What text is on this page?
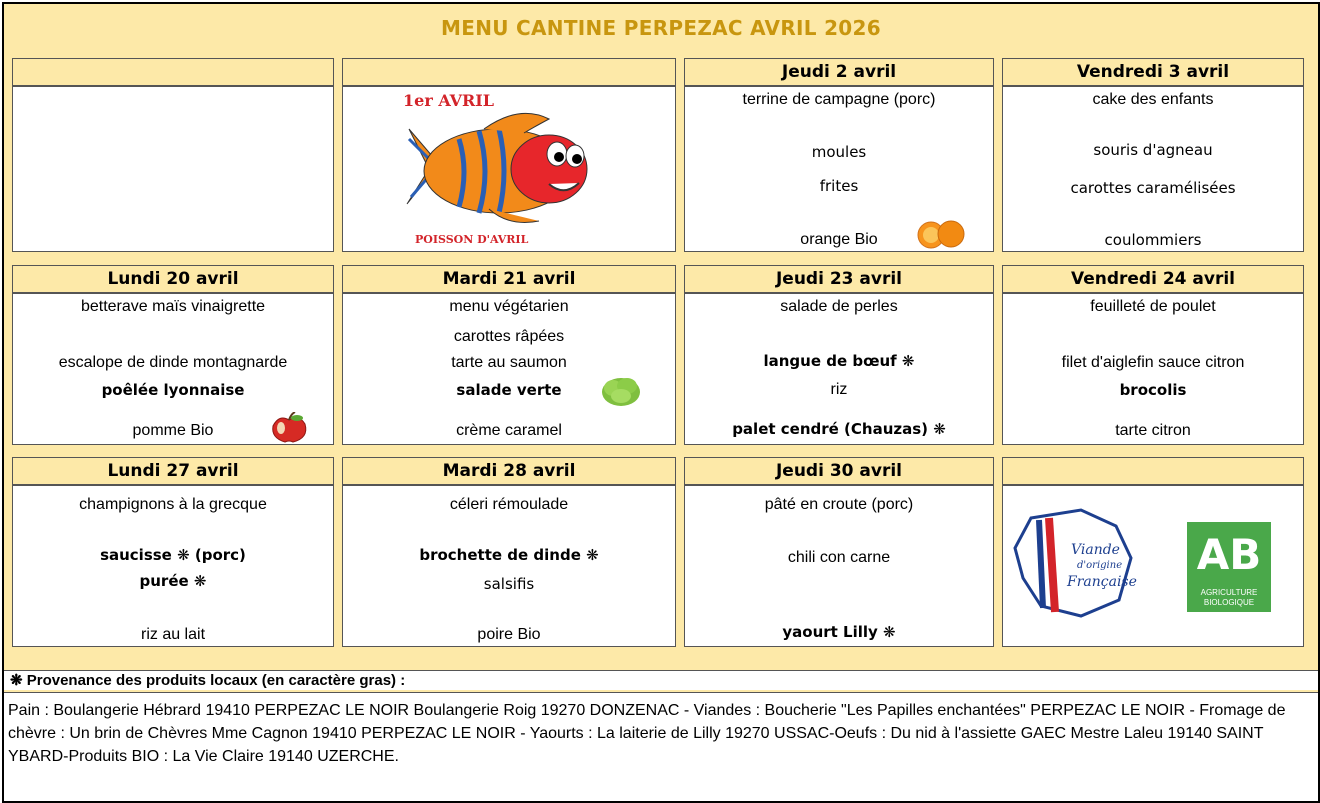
MENU CANTINE PERPEZAC AVRIL 2026
Jeudi 2 avril	Vendredi 3 avril
1er AVRIL
POISSON D'AVRIL
terrine de campagne (porc)
moules
frites
orange Bio
cake des enfants
souris d'agneau
carottes caramélisées
coulommiers
Lundi 20 avril	Mardi 21 avril	Jeudi 23 avril	Vendredi 24 avril
betterave maïs vinaigrette
escalope de dinde montagnarde
poêlée lyonnaise
pomme Bio
menu végétarien
carottes râpées
tarte au saumon
salade verte
crème caramel
salade de perles
langue de bœuf ❋
riz
palet cendré (Chauzas) ❋
feuilleté de poulet
filet d'aiglefin sauce citron
brocolis
tarte citron
Lundi 27 avril	Mardi 28 avril	Jeudi 30 avril
champignons à la grecque
saucisse ❋ (porc)
purée ❋
riz au lait
céleri rémoulade
brochette de dinde ❋
salsifis
poire Bio
pâté en croute (porc)
chili con carne
yaourt Lilly ❋
Viande
d'origine
Française
AB
AGRICULTURE
BIOLOGIQUE
❋ Provenance des produits locaux (en caractère gras) :
Pain : Boulangerie Hébrard 19410 PERPEZAC LE NOIR Boulangerie Roig 19270 DONZENAC - Viandes : Boucherie "Les Papilles enchantées" PERPEZAC LE NOIR - Fromage de chèvre : Un brin de Chèvres Mme Cagnon 19410 PERPEZAC LE NOIR - Yaourts : La laiterie de Lilly 19270 USSAC-Oeufs : Du nid à l'assiette GAEC Mestre Laleu 19140 SAINT YBARD-Produits BIO : La Vie Claire 19140 UZERCHE.
